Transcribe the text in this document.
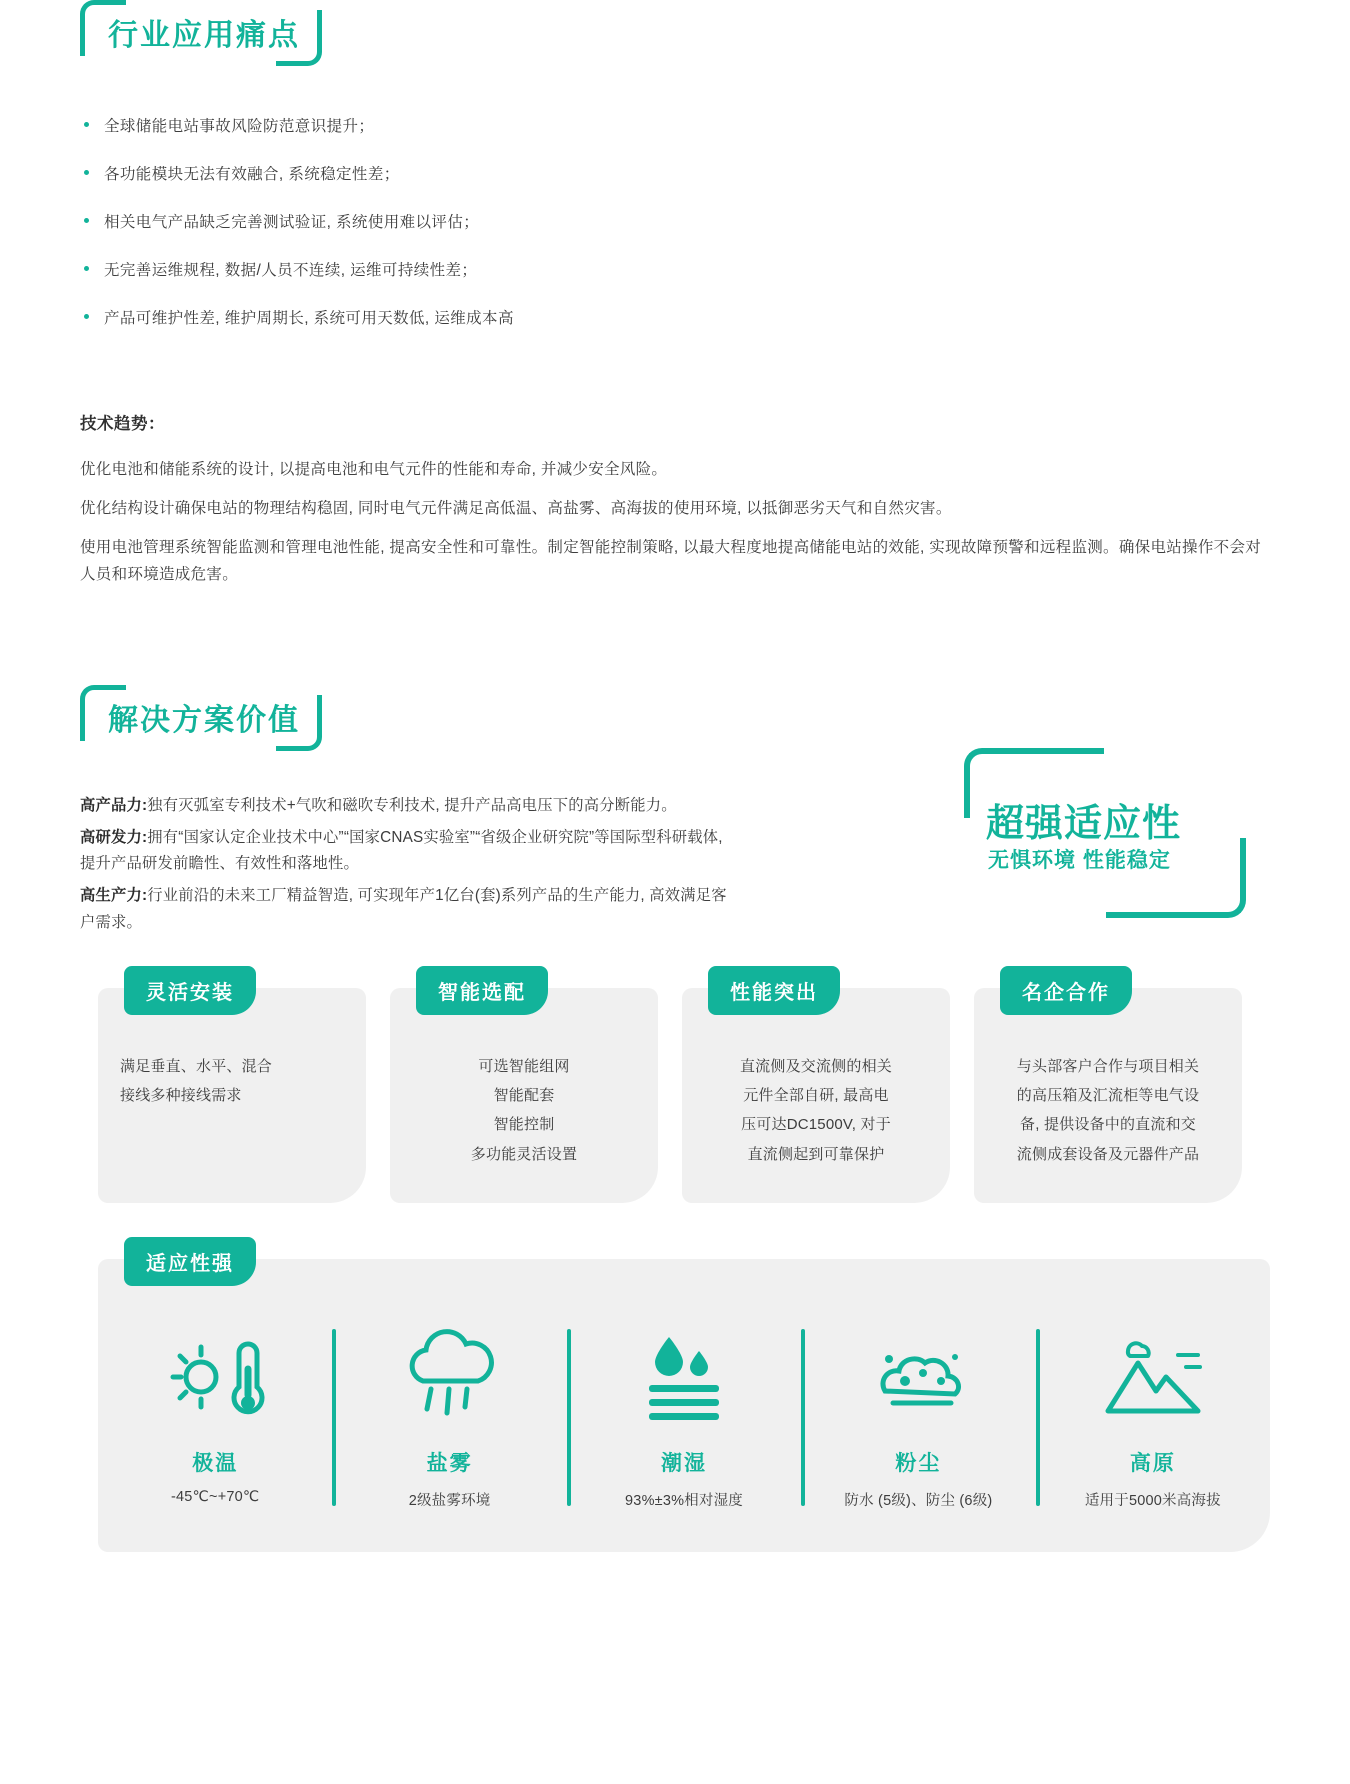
行业应用痛点
全球储能电站事故风险防范意识提升；
各功能模块无法有效融合, 系统稳定性差；
相关电气产品缺乏完善测试验证, 系统使用难以评估；
无完善运维规程, 数据/人员不连续, 运维可持续性差；
产品可维护性差, 维护周期长, 系统可用天数低, 运维成本高
技术趋势：

优化电池和储能系统的设计, 以提高电池和电气元件的性能和寿命, 并减少安全风险。

优化结构设计确保电站的物理结构稳固, 同时电气元件满足高低温、高盐雾、高海拔的使用环境, 以抵御恶劣天气和自然灾害。

使用电池管理系统智能监测和管理电池性能, 提高安全性和可靠性。制定智能控制策略, 以最大程度地提高储能电站的效能, 实现故障预警和远程监测。确保电站操作不会对人员和环境造成危害。

解决方案价值

高产品力:独有灭弧室专利技术+气吹和磁吹专利技术, 提升产品高电压下的高分断能力。

高研发力:拥有“国家认定企业技术中心”“国家CNAS实验室”“省级企业研究院”等国际型科研载体, 提升产品研发前瞻性、有效性和落地性。

高生产力:行业前沿的未来工厂精益智造, 可实现年产1亿台(套)系列产品的生产能力, 高效满足客户需求。

超强适应性
无惧环境 性能稳定
灵活安装
满足垂直、水平、混合
接线多种接线需求
智能选配
可选智能组网
智能配套
智能控制
多功能灵活设置
性能突出
直流侧及交流侧的相关
元件全部自研, 最高电
压可达DC1500V, 对于
直流侧起到可靠保护
名企合作
与头部客户合作与项目相关
的高压箱及汇流柜等电气设
备, 提供设备中的直流和交
流侧成套设备及元器件产品
适应性强
极温
-45℃~+70℃
盐雾
2级盐雾环境
潮湿
93%±3%相对湿度
粉尘
防水 (5级)、防尘 (6级)
高原
适用于5000米高海拔
